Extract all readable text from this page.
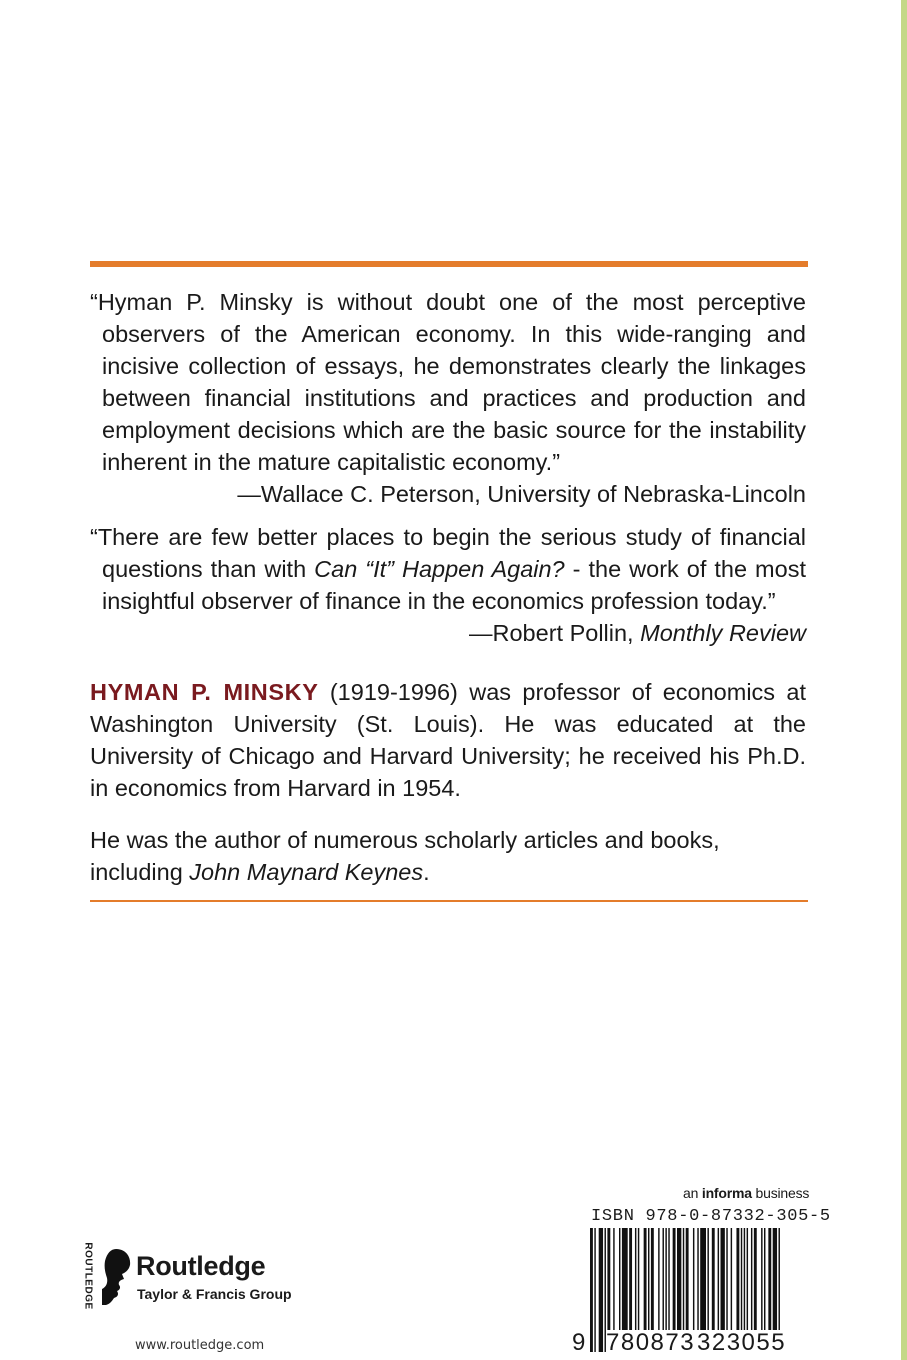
“Hyman P. Minsky is without doubt one of the most perceptive observers of the American economy. In this wide-ranging and incisive collection of essays, he demonstrates clearly the linkages between financial institutions and practices and production and employment decisions which are the basic source for the instability inherent in the mature capitalistic economy.”
—Wallace C. Peterson, University of Nebraska-Lincoln
“There are few better places to begin the serious study of financial questions than with Can “It” Happen Again? - the work of the most insightful observer of finance in the economics profession today.”
—Robert Pollin, Monthly Review
HYMAN P. MINSKY (1919-1996) was professor of economics at Washington University (St. Louis). He was educated at the University of Chicago and Harvard University; he received his Ph.D. in economics from Harvard in 1954.
He was the author of numerous scholarly articles and books, including John Maynard Keynes.
ROUTLEDGE Routledge
Taylor & Francis Group
www.routledge.com
an informa business
ISBN 978-0-87332-305-5
9 780873 323055
